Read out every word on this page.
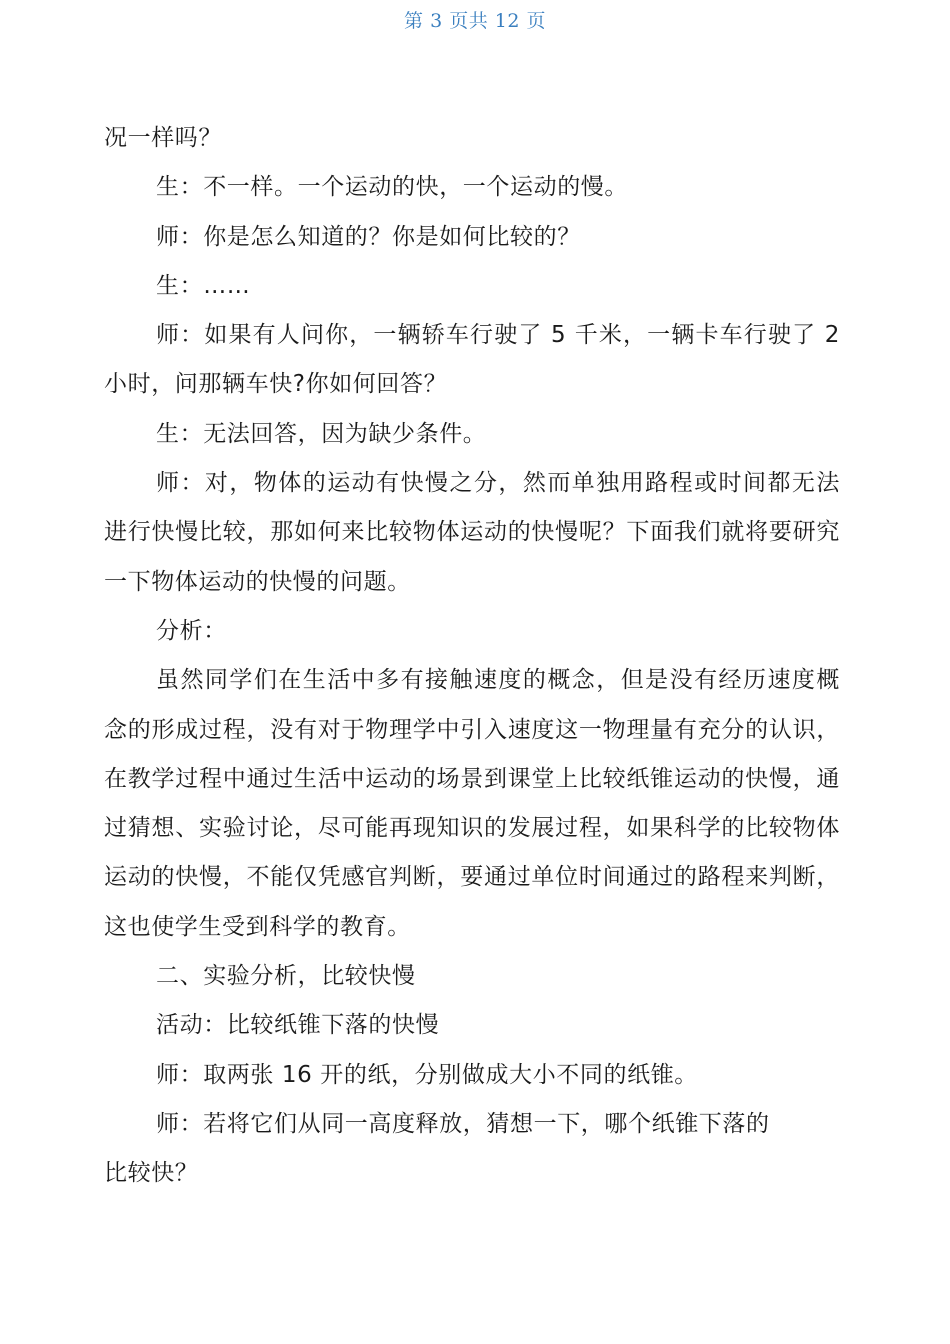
第 3 页共 12 页

况一样吗？

生：不一样。一个运动的快，一个运动的慢。

师：你是怎么知道的？你是如何比较的？

生：……

师：如果有人问你，一辆轿车行驶了 5 千米，一辆卡车行驶了 2 小时，问那辆车快?你如何回答？

生：无法回答，因为缺少条件。

师：对，物体的运动有快慢之分，然而单独用路程或时间都无法进行快慢比较，那如何来比较物体运动的快慢呢？下面我们就将要研究一下物体运动的快慢的问题。

分析：

虽然同学们在生活中多有接触速度的概念，但是没有经历速度概念的形成过程，没有对于物理学中引入速度这一物理量有充分的认识，在教学过程中通过生活中运动的场景到课堂上比较纸锥运动的快慢，通过猜想、实验讨论，尽可能再现知识的发展过程，如果科学的比较物体运动的快慢，不能仅凭感官判断，要通过单位时间通过的路程来判断，这也使学生受到科学的教育。

二、实验分析，比较快慢

活动：比较纸锥下落的快慢

师：取两张 16 开的纸，分别做成大小不同的纸锥。

师：若将它们从同一高度释放，猜想一下，哪个纸锥下落的

比较快？
